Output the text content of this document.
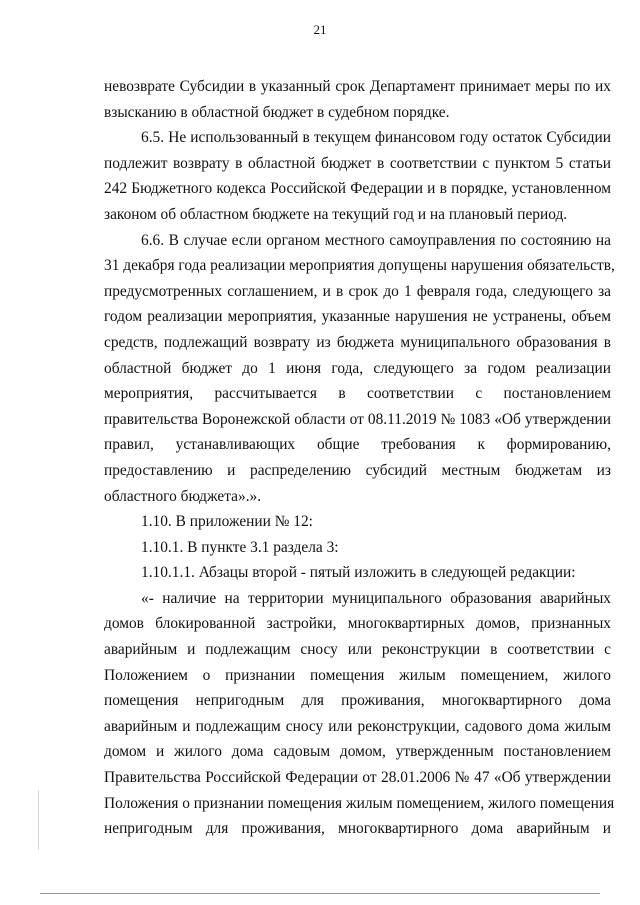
21
невозврате Субсидии в указанный срок Департамент принимает меры по их
взысканию в областной бюджет в судебном порядке.
6.5. Не использованный в текущем финансовом году остаток Субсидии
подлежит возврату в областной бюджет в соответствии с пунктом 5 статьи
242 Бюджетного кодекса Российской Федерации и в порядке, установленном
законом об областном бюджете на текущий год и на плановый период.
6.6. В случае если органом местного самоуправления по состоянию на
31 декабря года реализации мероприятия допущены нарушения обязательств,
предусмотренных соглашением, и в срок до 1 февраля года, следующего за
годом реализации мероприятия, указанные нарушения не устранены, объем
средств, подлежащий возврату из бюджета муниципального образования в
областной бюджет до 1 июня года, следующего за годом реализации
мероприятия, рассчитывается в соответствии с постановлением
правительства Воронежской области от 08.11.2019 № 1083 «Об утверждении
правил, устанавливающих общие требования к формированию,
предоставлению и распределению субсидий местным бюджетам из
областного бюджета».».
1.10. В приложении № 12:
1.10.1. В пункте 3.1 раздела 3:
1.10.1.1. Абзацы второй - пятый изложить в следующей редакции:
«- наличие на территории муниципального образования аварийных
домов блокированной застройки, многоквартирных домов, признанных
аварийным и подлежащим сносу или реконструкции в соответствии с
Положением о признании помещения жилым помещением, жилого
помещения непригодным для проживания, многоквартирного дома
аварийным и подлежащим сносу или реконструкции, садового дома жилым
домом и жилого дома садовым домом, утвержденным постановлением
Правительства Российской Федерации от 28.01.2006 № 47 «Об утверждении
Положения о признании помещения жилым помещением, жилого помещения
непригодным для проживания, многоквартирного дома аварийным и
